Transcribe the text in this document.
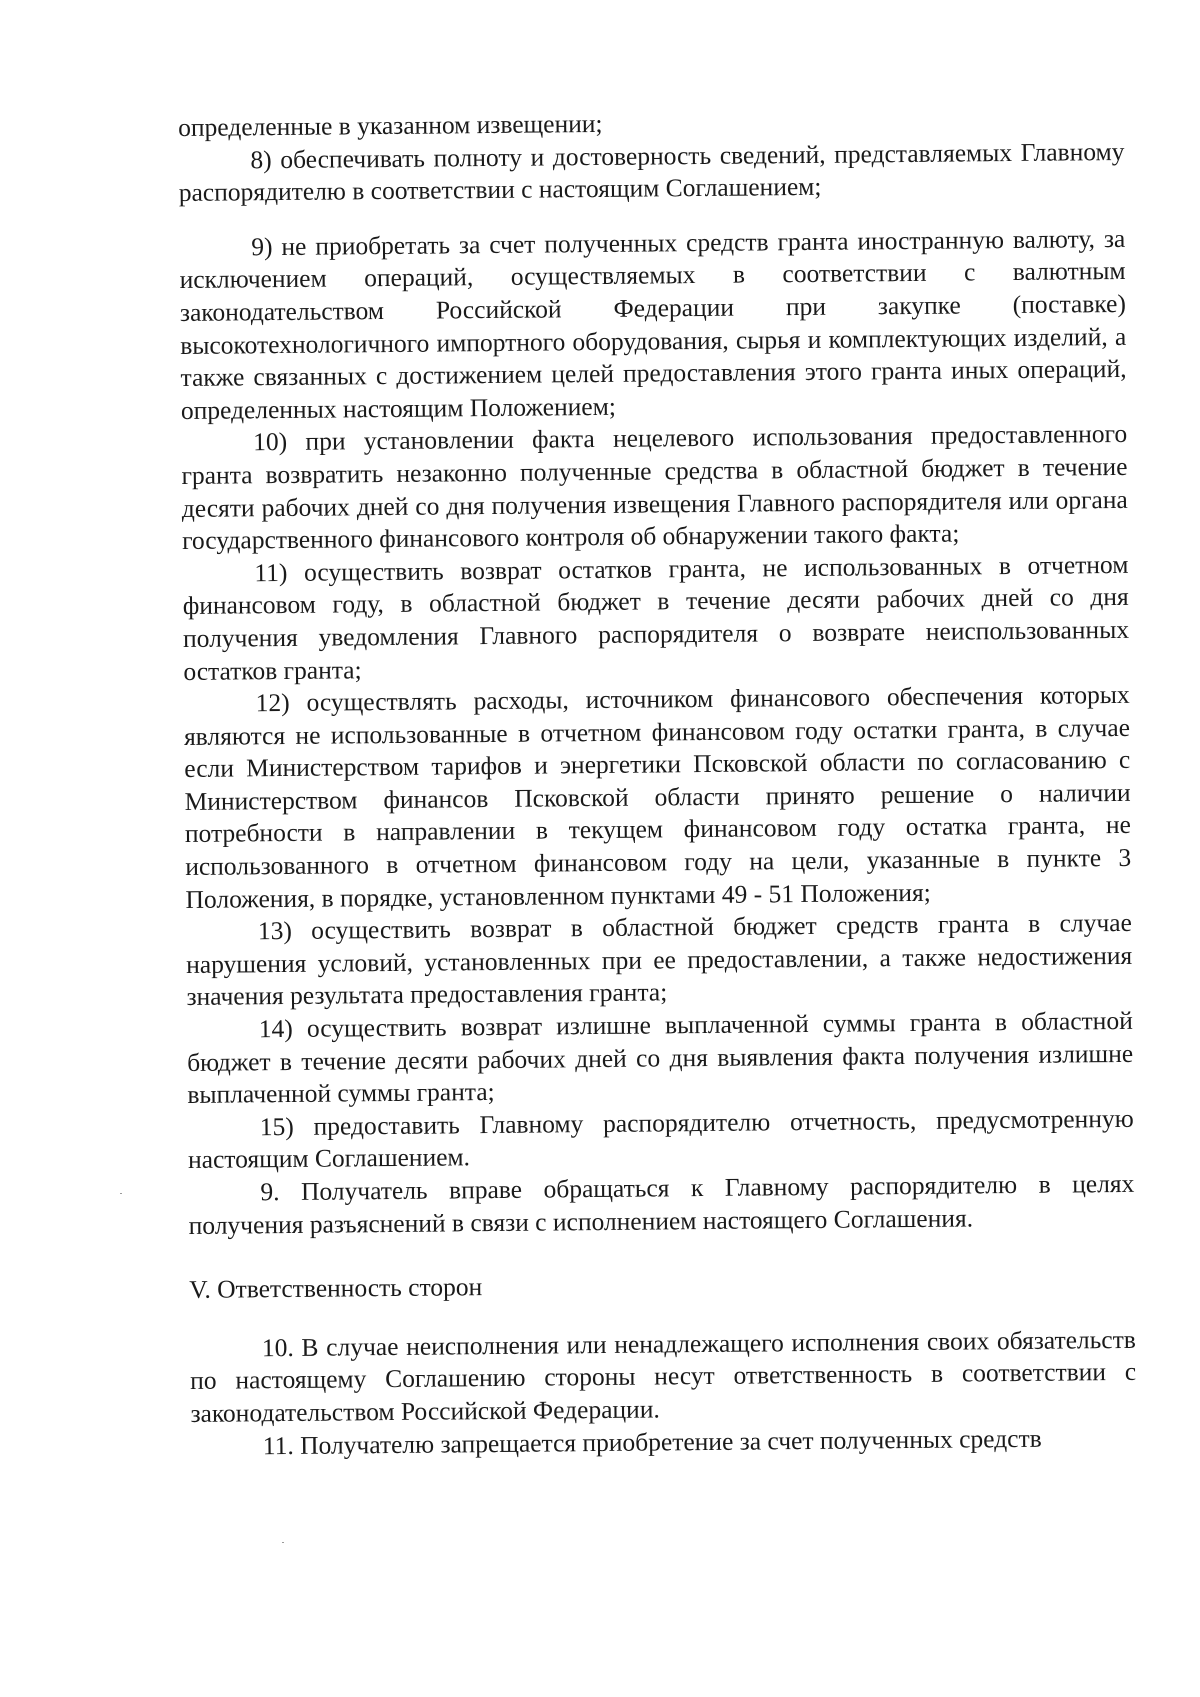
определенные в указанном извещении;

8) обеспечивать полноту и достоверность сведений, представляемых Главному распорядителю в соответствии с настоящим Соглашением;

9) не приобретать за счет полученных средств гранта иностранную валюту, за исключением операций, осуществляемых в соответствии с валютным законодательством Российской Федерации при закупке (поставке) высокотехнологичного импортного оборудования, сырья и комплектующих изделий, а также связанных с достижением целей предоставления этого гранта иных операций, определенных настоящим Положением;

10) при установлении факта нецелевого использования предоставленного гранта возвратить незаконно полученные средства в областной бюджет в течение десяти рабочих дней со дня получения извещения Главного распорядителя или органа государственного финансового контроля об обнаружении такого факта;

11) осуществить возврат остатков гранта, не использованных в отчетном финансовом году, в областной бюджет в течение десяти рабочих дней со дня получения уведомления Главного распорядителя о возврате неиспользованных остатков гранта;

12) осуществлять расходы, источником финансового обеспечения которых являются не использованные в отчетном финансовом году остатки гранта, в случае если Министерством тарифов и энергетики Псковской области по согласованию с Министерством финансов Псковской области принято решение о наличии потребности в направлении в текущем финансовом году остатка гранта, не использованного в отчетном финансовом году на цели, указанные в пункте 3 Положения, в порядке, установленном пунктами 49 - 51 Положения;

13) осуществить возврат в областной бюджет средств гранта в случае нарушения условий, установленных при ее предоставлении, а также недостижения значения результата предоставления гранта;

14) осуществить возврат излишне выплаченной суммы гранта в областной бюджет в течение десяти рабочих дней со дня выявления факта получения излишне выплаченной суммы гранта;

15) предоставить Главному распорядителю отчетность, предусмотренную настоящим Соглашением.

9. Получатель вправе обращаться к Главному распорядителю в целях получения разъяснений в связи с исполнением настоящего Соглашения.

V. Ответственность сторон

10. В случае неисполнения или ненадлежащего исполнения своих обязательств по настоящему Соглашению стороны несут ответственность в соответствии с законодательством Российской Федерации.

11. Получателю запрещается приобретение за счет полученных средств
